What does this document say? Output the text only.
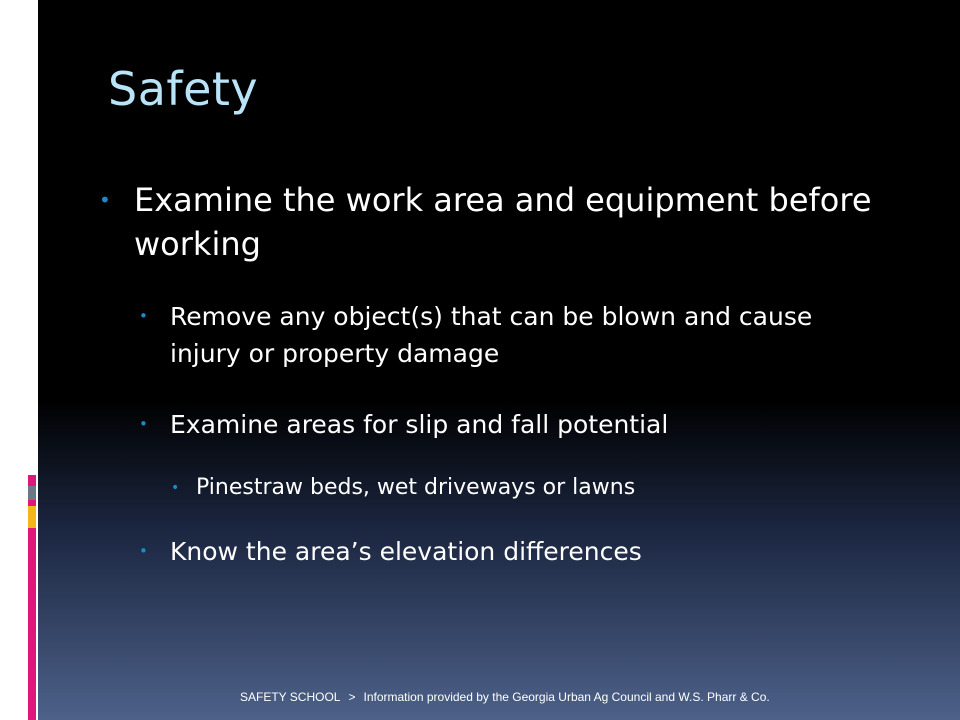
Safety
• Examine the work area and equipment before working
• Remove any object(s) that can be blown and cause injury or property damage
• Examine areas for slip and fall potential
• Pinestraw beds, wet driveways or lawns
• Know the area’s elevation differences
SAFETY SCHOOL > Information provided by the Georgia Urban Ag Council and W.S. Pharr & Co.
